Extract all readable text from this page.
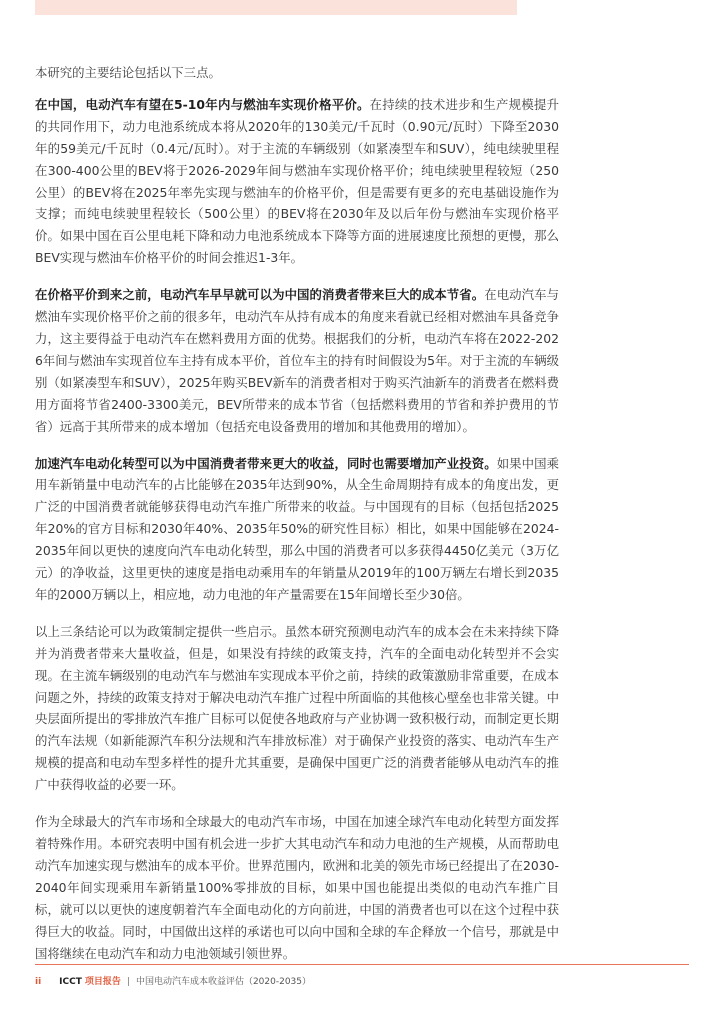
本研究的主要结论包括以下三点。

在中国，电动汽车有望在5-10年内与燃油车实现价格平价。在持续的技术进步和生产规模提升的共同作用下，动力电池系统成本将从2020年的130美元/千瓦时（0.90元/瓦时）下降至2030年的59美元/千瓦时（0.4元/瓦时）。对于主流的车辆级别（如紧凑型车和SUV），纯电续驶里程在300-400公里的BEV将于2026-2029年间与燃油车实现价格平价；纯电续驶里程较短（250公里）的BEV将在2025年率先实现与燃油车的价格平价，但是需要有更多的充电基础设施作为支撑；而纯电续驶里程较长（500公里）的BEV将在2030年及以后年份与燃油车实现价格平价。如果中国在百公里电耗下降和动力电池系统成本下降等方面的进展速度比预想的更慢，那么BEV实现与燃油车价格平价的时间会推迟1-3年。

在价格平价到来之前，电动汽车早早就可以为中国的消费者带来巨大的成本节省。在电动汽车与燃油车实现价格平价之前的很多年，电动汽车从持有成本的角度来看就已经相对燃油车具备竞争力，这主要得益于电动汽车在燃料费用方面的优势。根据我们的分析，电动汽车将在2022-2026年间与燃油车实现首位车主持有成本平价，首位车主的持有时间假设为5年。对于主流的车辆级别（如紧凑型车和SUV），2025年购买BEV新车的消费者相对于购买汽油新车的消费者在燃料费用方面将节省2400-3300美元，BEV所带来的成本节省（包括燃料费用的节省和养护费用的节省）远高于其所带来的成本增加（包括充电设备费用的增加和其他费用的增加）。

加速汽车电动化转型可以为中国消费者带来更大的收益，同时也需要增加产业投资。如果中国乘用车新销量中电动汽车的占比能够在2035年达到90%，从全生命周期持有成本的角度出发，更广泛的中国消费者就能够获得电动汽车推广所带来的收益。与中国现有的目标（包括包括2025年20%的官方目标和2030年40%、2035年50%的研究性目标）相比，如果中国能够在2024-2035年间以更快的速度向汽车电动化转型，那么中国的消费者可以多获得4450亿美元（3万亿元）的净收益，这里更快的速度是指电动乘用车的年销量从2019年的100万辆左右增长到2035年的2000万辆以上，相应地，动力电池的年产量需要在15年间增长至少30倍。

以上三条结论可以为政策制定提供一些启示。虽然本研究预测电动汽车的成本会在未来持续下降并为消费者带来大量收益，但是，如果没有持续的政策支持，汽车的全面电动化转型并不会实现。在主流车辆级别的电动汽车与燃油车实现成本平价之前，持续的政策激励非常重要，在成本问题之外，持续的政策支持对于解决电动汽车推广过程中所面临的其他核心壁垒也非常关键。中央层面所提出的零排放汽车推广目标可以促使各地政府与产业协调一致积极行动，而制定更长期的汽车法规（如新能源汽车积分法规和汽车排放标准）对于确保产业投资的落实、电动汽车生产规模的提高和电动车型多样性的提升尤其重要，是确保中国更广泛的消费者能够从电动汽车的推广中获得收益的必要一环。

作为全球最大的汽车市场和全球最大的电动汽车市场，中国在加速全球汽车电动化转型方面发挥着特殊作用。本研究表明中国有机会进一步扩大其电动汽车和动力电池的生产规模，从而帮助电动汽车加速实现与燃油车的成本平价。世界范围内，欧洲和北美的领先市场已经提出了在2030-2040年间实现乘用车新销量100%零排放的目标，如果中国也能提出类似的电动汽车推广目标，就可以以更快的速度朝着汽车全面电动化的方向前进，中国的消费者也可以在这个过程中获得巨大的收益。同时，中国做出这样的承诺也可以向中国和全球的车企释放一个信号，那就是中国将继续在电动汽车和动力电池领域引领世界。

ii ICCT 项目报告 | 中国电动汽车成本收益评估（2020-2035）
